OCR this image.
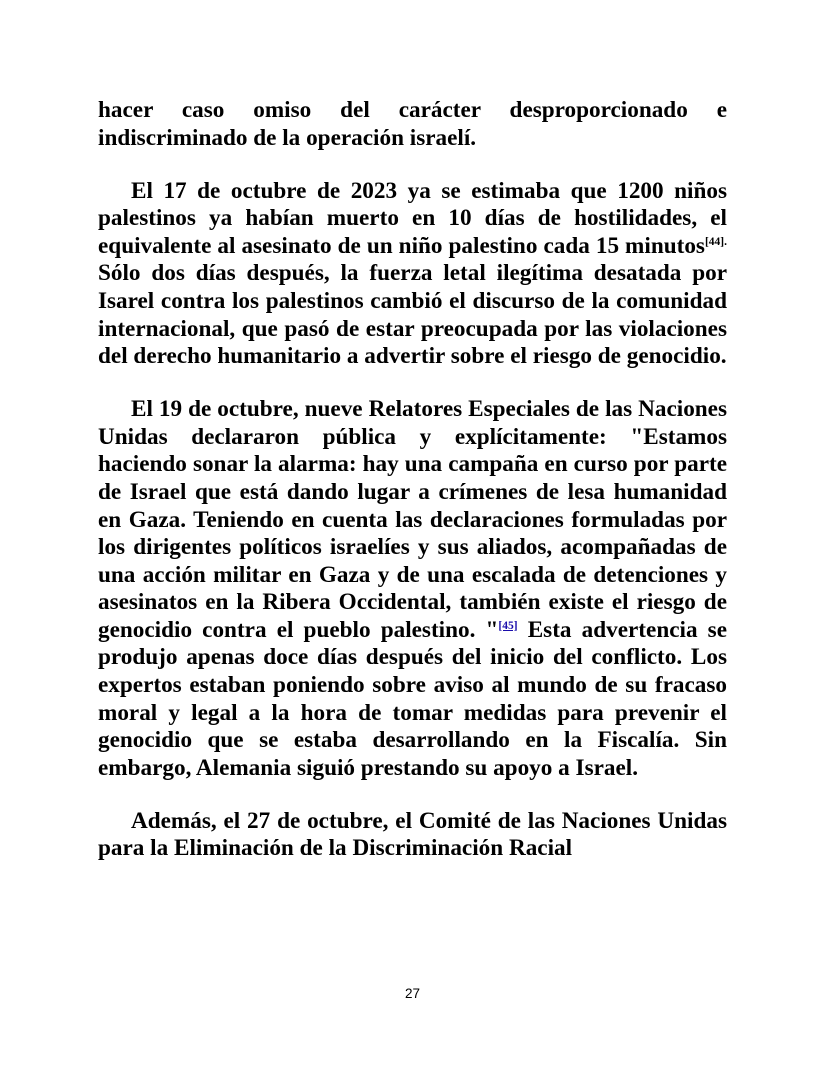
hacer caso omiso del carácter desproporcionado e indiscriminado de la operación israelí.

El 17 de octubre de 2023 ya se estimaba que 1200 niños palestinos ya habían muerto en 10 días de hostilidades, el equivalente al asesinato de un niño palestino cada 15 minutos$^{[44].}$ Sólo dos días después, la fuerza letal ilegítima desatada por Isarel contra los palestinos cambió el discurso de la comunidad internacional, que pasó de estar preocupada por las violaciones del derecho humanitario a advertir sobre el riesgo de genocidio.

El 19 de octubre, nueve Relatores Especiales de las Naciones Unidas declararon pública y explícitamente: "Estamos haciendo sonar la alarma: hay una campaña en curso por parte de Israel que está dando lugar a crímenes de lesa humanidad en Gaza. Teniendo en cuenta las declaraciones formuladas por los dirigentes políticos israelíes y sus aliados, acompañadas de una acción militar en Gaza y de una escalada de detenciones y asesinatos en la Ribera Occidental, también existe el riesgo de genocidio contra el pueblo palestino. "[45] Esta advertencia se produjo apenas doce días después del inicio del conflicto. Los expertos estaban poniendo sobre aviso al mundo de su fracaso moral y legal a la hora de tomar medidas para prevenir el genocidio que se estaba desarrollando en la Fiscalía. Sin embargo, Alemania siguió prestando su apoyo a Israel.

Además, el 27 de octubre, el Comité de las Naciones Unidas para la Eliminación de la Discriminación Racial

27
